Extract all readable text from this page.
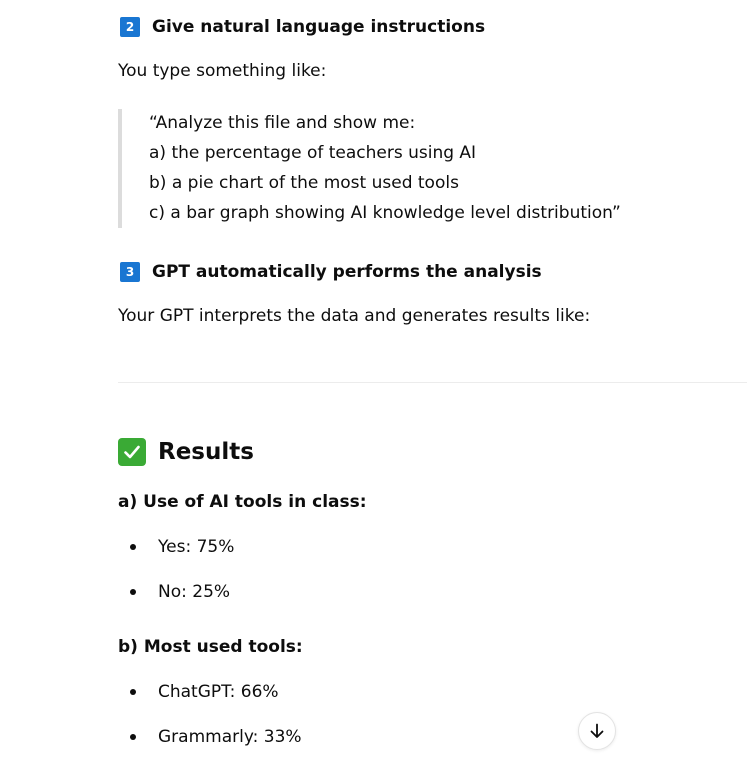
2	Give natural language instructions
You type something like:
“Analyze this file and show me:
a) the percentage of teachers using AI
b) a pie chart of the most used tools
c) a bar graph showing AI knowledge level distribution”
3	GPT automatically performs the analysis
Your GPT interprets the data and generates results like:
Results
a) Use of AI tools in class:
Yes: 75%
No: 25%
b) Most used tools:
ChatGPT: 66%
Grammarly: 33%
